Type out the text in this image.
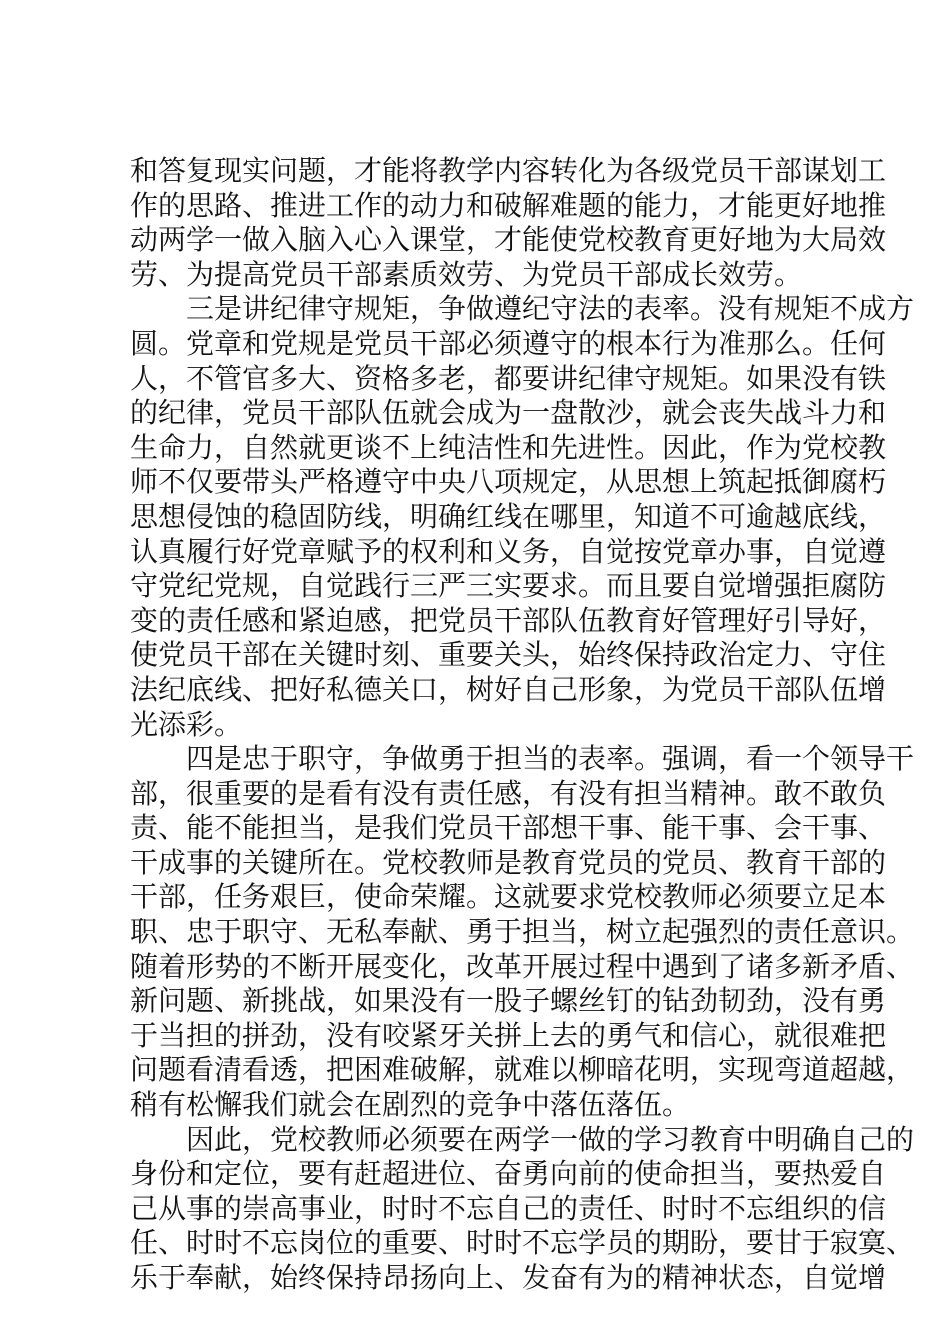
和答复现实问题，才能将教学内容转化为各级党员干部谋划工
作的思路、推进工作的动力和破解难题的能力，才能更好地推
动两学一做入脑入心入课堂，才能使党校教育更好地为大局效
劳、为提高党员干部素质效劳、为党员干部成长效劳。
三是讲纪律守规矩，争做遵纪守法的表率。没有规矩不成方
圆。党章和党规是党员干部必须遵守的根本行为准那么。任何
人，不管官多大、资格多老，都要讲纪律守规矩。如果没有铁
的纪律，党员干部队伍就会成为一盘散沙，就会丧失战斗力和
生命力，自然就更谈不上纯洁性和先进性。因此，作为党校教
师不仅要带头严格遵守中央八项规定，从思想上筑起抵御腐朽
思想侵蚀的稳固防线，明确红线在哪里，知道不可逾越底线，
认真履行好党章赋予的权利和义务，自觉按党章办事，自觉遵
守党纪党规，自觉践行三严三实要求。而且要自觉增强拒腐防
变的责任感和紧迫感，把党员干部队伍教育好管理好引导好，
使党员干部在关键时刻、重要关头，始终保持政治定力、守住
法纪底线、把好私德关口，树好自己形象，为党员干部队伍增
光添彩。
四是忠于职守，争做勇于担当的表率。强调，看一个领导干
部，很重要的是看有没有责任感，有没有担当精神。敢不敢负
责、能不能担当，是我们党员干部想干事、能干事、会干事、
干成事的关键所在。党校教师是教育党员的党员、教育干部的
干部，任务艰巨，使命荣耀。这就要求党校教师必须要立足本
职、忠于职守、无私奉献、勇于担当，树立起强烈的责任意识。
随着形势的不断开展变化，改革开展过程中遇到了诸多新矛盾、
新问题、新挑战，如果没有一股子螺丝钉的钻劲韧劲，没有勇
于当担的拼劲，没有咬紧牙关拼上去的勇气和信心，就很难把
问题看清看透，把困难破解，就难以柳暗花明，实现弯道超越，
稍有松懈我们就会在剧烈的竞争中落伍落伍。
因此，党校教师必须要在两学一做的学习教育中明确自己的
身份和定位，要有赶超进位、奋勇向前的使命担当，要热爱自
己从事的崇高事业，时时不忘自己的责任、时时不忘组织的信
任、时时不忘岗位的重要、时时不忘学员的期盼，要甘于寂寞、
乐于奉献，始终保持昂扬向上、发奋有为的精神状态，自觉增
